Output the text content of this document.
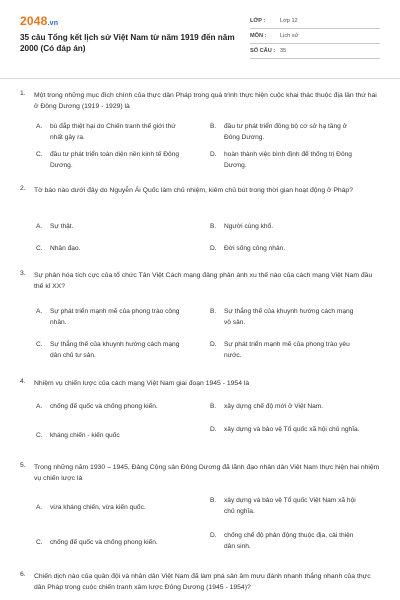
2048.vn
35 câu Tổng kết lịch sử Việt Nam từ năm 1919 đến năm 2000 (Có đáp án)
LỚP :	Lớp 12
MÔN :	Lịch sử
SỐ CÂU : 35
1. Một trong những mục đích chính của thực dân Pháp trong quá trình thực hiện cuộc khai thác thuộc địa lần thứ hai ở Đông Dương (1919 - 1929) là
A. bù đắp thiệt hại do Chiến tranh thế giới thứ nhất gây ra.
B. đầu tư phát triển đồng bộ cơ sở hạ tầng ở Đông Dương.
C. đầu tư phát triển toàn diện nền kinh tế Đông Dương.
D. hoàn thành việc bình định để thống trị Đông Dương.
2. Tờ báo nào dưới đây do Nguyễn Ái Quốc làm chủ nhiệm, kiêm chủ bút trong thời gian hoạt động ở Pháp?
A. Sự thật.	B. Người cùng khổ.
C. Nhân đạo.	D. Đời sống công nhân.
3. Sự phân hóa tích cực của tổ chức Tân Việt Cách mạng đảng phản ánh xu thế nào của cách mạng Việt Nam đầu thế kỉ XX?
A. Sự phát triển mạnh mẽ của phong trào công nhân.
B. Sự thắng thế của khuynh hướng cách mạng vô sản.
C. Sự thắng thế của khuynh hướng cách mạng dân chủ tư sản.
D. Sự phát triển mạnh mẽ của phong trào yêu nước.
4. Nhiệm vụ chiến lược của cách mạng Việt Nam giai đoạn 1945 - 1954 là
A. chống đế quốc và chống phong kiến.	B. xây dựng chế độ mới ở Việt Nam.
C. kháng chiến - kiến quốc
D. xây dựng và bảo vệ Tổ quốc xã hội chủ nghĩa.
5. Trong những năm 1930 – 1945, Đảng Cộng sản Đông Dương đã lãnh đạo nhân dân Việt Nam thực hiện hai nhiệm vụ chiến lược là
A. vừa kháng chiến, vừa kiến quốc.
B. xây dựng và bảo vệ Tổ quốc Việt Nam xã hội chủ nghĩa.
C. chống đế quốc và chống phong kiến.
D. chống chế độ phản động thuộc địa, cải thiện dân sinh.
6. Chiến dịch nào của quân đội và nhân dân Việt Nam đã làm phá sản âm mưu đánh nhanh thắng nhanh của thực dân Pháp trong cuộc chiến tranh xâm lược Đông Dương (1945 - 1954)?
